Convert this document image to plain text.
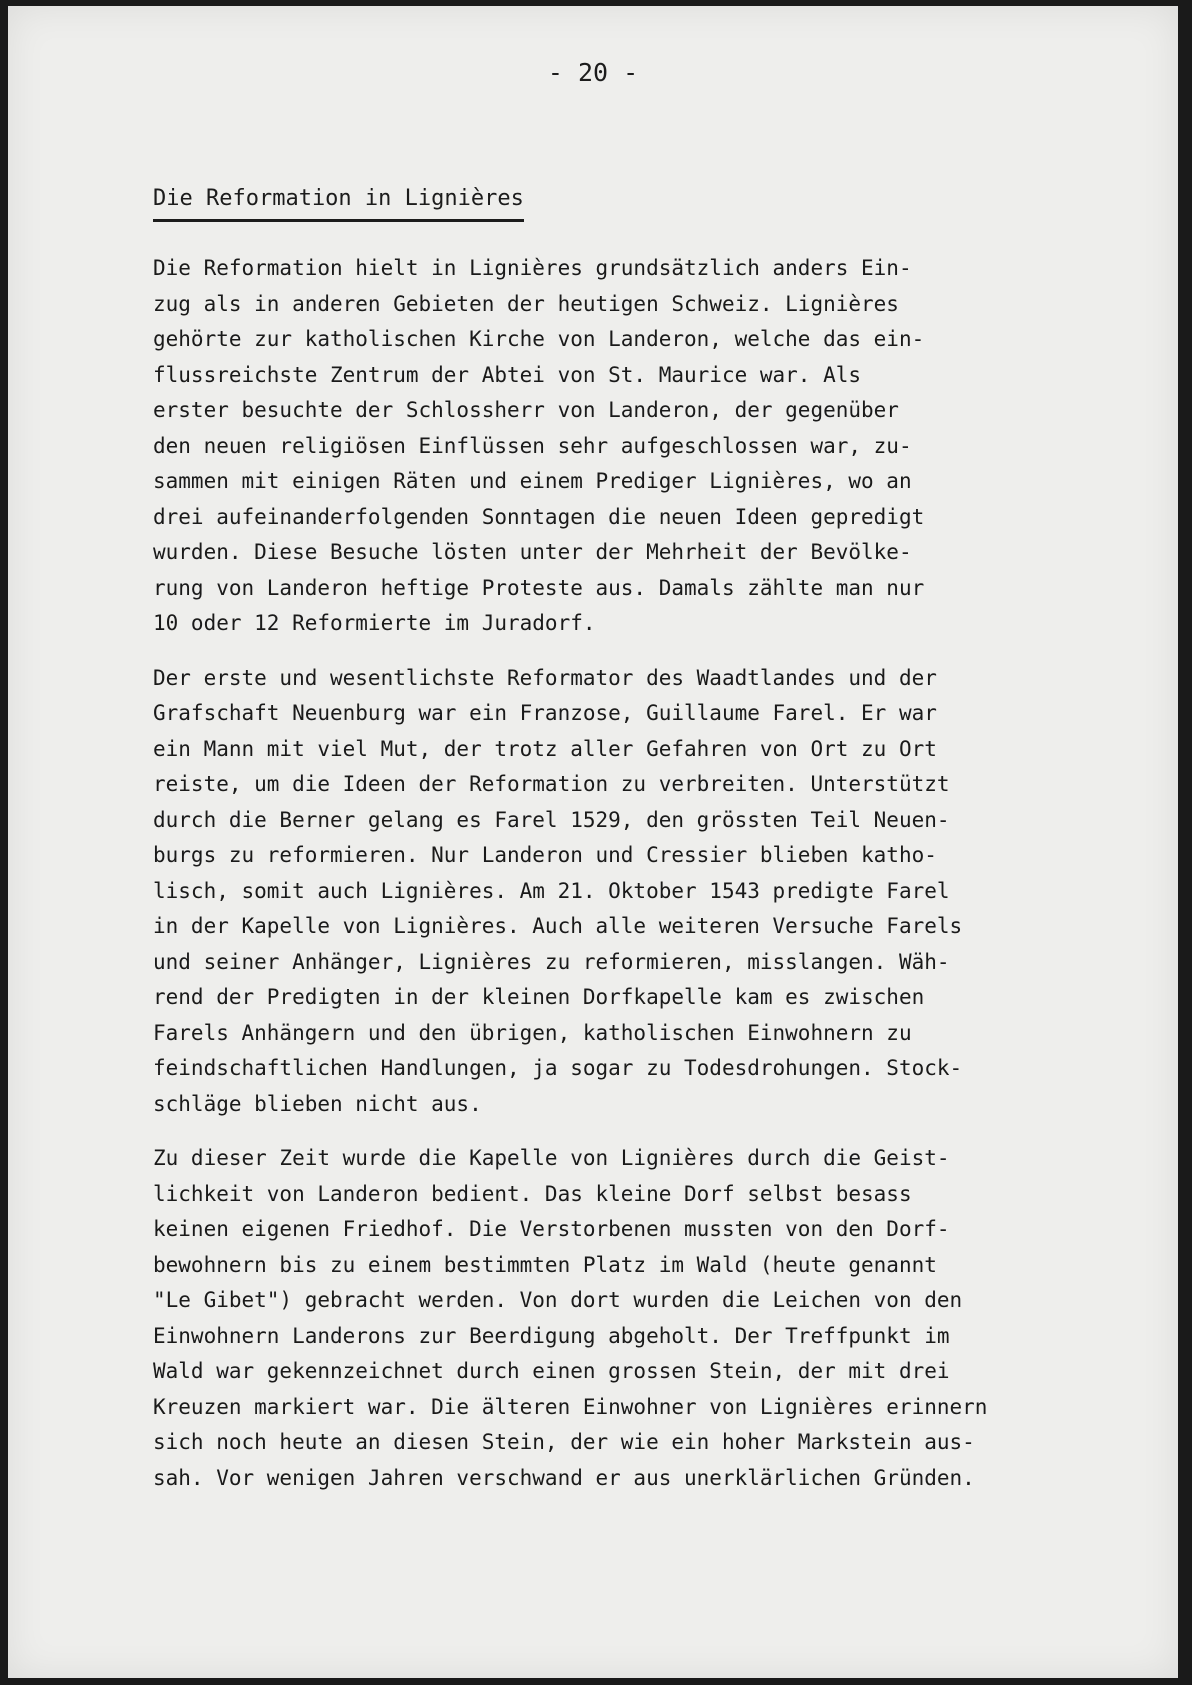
- 20 -
Die Reformation in Lignières

Die Reformation hielt in Lignières grundsätzlich anders Ein-
zug als in anderen Gebieten der heutigen Schweiz. Lignières
gehörte zur katholischen Kirche von Landeron, welche das ein-
flussreichste Zentrum der Abtei von St. Maurice war. Als
erster besuchte der Schlossherr von Landeron, der gegenüber
den neuen religiösen Einflüssen sehr aufgeschlossen war, zu-
sammen mit einigen Räten und einem Prediger Lignières, wo an
drei aufeinanderfolgenden Sonntagen die neuen Ideen gepredigt
wurden. Diese Besuche lösten unter der Mehrheit der Bevölke-
rung von Landeron heftige Proteste aus. Damals zählte man nur
10 oder 12 Reformierte im Juradorf.

Der erste und wesentlichste Reformator des Waadtlandes und der
Grafschaft Neuenburg war ein Franzose, Guillaume Farel. Er war
ein Mann mit viel Mut, der trotz aller Gefahren von Ort zu Ort
reiste, um die Ideen der Reformation zu verbreiten. Unterstützt
durch die Berner gelang es Farel 1529, den grössten Teil Neuen-
burgs zu reformieren. Nur Landeron und Cressier blieben katho-
lisch, somit auch Lignières. Am 21. Oktober 1543 predigte Farel
in der Kapelle von Lignières. Auch alle weiteren Versuche Farels
und seiner Anhänger, Lignières zu reformieren, misslangen. Wäh-
rend der Predigten in der kleinen Dorfkapelle kam es zwischen
Farels Anhängern und den übrigen, katholischen Einwohnern zu
feindschaftlichen Handlungen, ja sogar zu Todesdrohungen. Stock-
schläge blieben nicht aus.

Zu dieser Zeit wurde die Kapelle von Lignières durch die Geist-
lichkeit von Landeron bedient. Das kleine Dorf selbst besass
keinen eigenen Friedhof. Die Verstorbenen mussten von den Dorf-
bewohnern bis zu einem bestimmten Platz im Wald (heute genannt
"Le Gibet") gebracht werden. Von dort wurden die Leichen von den
Einwohnern Landerons zur Beerdigung abgeholt. Der Treffpunkt im
Wald war gekennzeichnet durch einen grossen Stein, der mit drei
Kreuzen markiert war. Die älteren Einwohner von Lignières erinnern
sich noch heute an diesen Stein, der wie ein hoher Markstein aus-
sah. Vor wenigen Jahren verschwand er aus unerklärlichen Gründen.
